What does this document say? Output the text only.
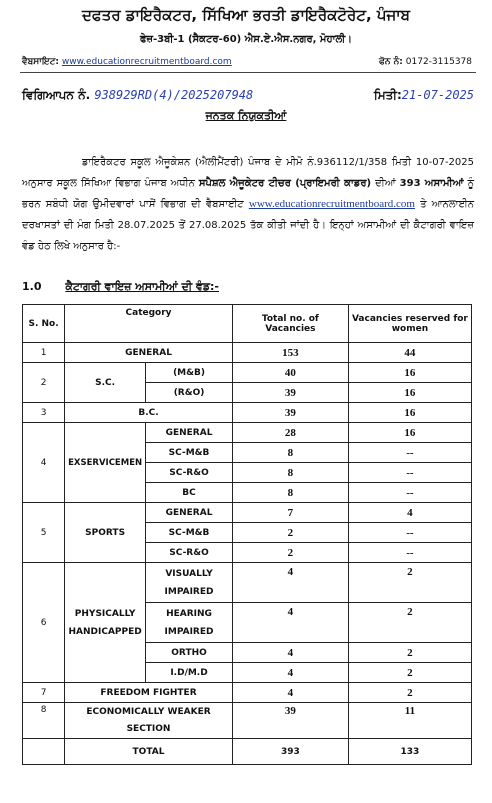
ਦਫਤਰ ਡਾਇਰੈਕਟਰ, ਸਿੱਖਿਆ ਭਰਤੀ ਡਾਇਰੈਕਟੋਰੇਟ, ਪੰਜਾਬ
ਫੇਜ਼-3ਬੀ-1 (ਸੈਕਟਰ-60) ਐਸ.ਏ.ਐਸ.ਨਗਰ, ਮੋਹਾਲੀ।
ਵੈਬਸਾਇਟ: www.educationrecruitmentboard.com	ਫੋਨ ਨੰ: 0172-3115378
ਵਿਗਿਆਪਨ ਨੰ. 938929RD(4)/2025207948	ਮਿਤੀ:21-07-2025
ਜਨਤਕ ਨਿਯੁਕਤੀਆਂ
ਡਾਇਰੈਕਟਰ ਸਕੂਲ ਐਜੂਕੇਸ਼ਨ (ਐਲੀਮੈਂਟਰੀ) ਪੰਜਾਬ ਦੇ ਮੀਮੋ ਨੰ.936112/1/358 ਮਿਤੀ 10-07-2025 ਅਨੁਸਾਰ ਸਕੂਲ ਸਿੱਖਿਆ ਵਿਭਾਗ ਪੰਜਾਬ ਅਧੀਨ ਸਪੈਸ਼ਲ ਐਜੂਕੇਟਰ ਟੀਚਰ (ਪ੍ਰਾਇਮਰੀ ਕਾਡਰ) ਦੀਆਂ 393 ਅਸਾਮੀਆਂ ਨੂੰ ਭਰਨ ਸਬੰਧੀ ਯੋਗ ਉਮੀਦਵਾਰਾਂ ਪਾਸੋਂ ਵਿਭਾਗ ਦੀ ਵੈਬਸਾਈਟ www.educationrecruitmentboard.com ਤੇ ਆਨਲਾਈਨ ਦਰਖਾਸਤਾਂ ਦੀ ਮੰਗ ਮਿਤੀ 28.07.2025 ਤੋਂ 27.08.2025 ਤੱਕ ਕੀਤੀ ਜਾਂਦੀ ਹੈ। ਇਨ੍ਹਾਂ ਅਸਾਮੀਆਂ ਦੀ ਕੈਟਾਗਰੀ ਵਾਇਜ਼ ਵੰਡ ਹੇਠ ਲਿਖੇ ਅਨੁਸਾਰ ਹੈ:-
1.0 ਕੈਟਾਗਰੀ ਵਾਇਜ਼ ਅਸਾਮੀਆਂ ਦੀ ਵੰਡ:-
S. No.	Category		Total no. of Vacancies	Vacancies reserved for women
1	GENERAL		153	44
2	S.C.	(M&B)	40	16
		(R&O)	39	16
3	B.C.		39	16
4	EXSERVICEMEN	GENERAL	28	16
		SC-M&B	8	--
		SC-R&O	8	--
		BC	8	--
5	SPORTS	GENERAL	7	4
		SC-M&B	2	--
		SC-R&O	2	--
6	PHYSICALLY HANDICAPPED	VISUALLY IMPAIRED	4	2
		HEARING IMPAIRED	4	2
		ORTHO	4	2
		I.D/M.D	4	2
7	FREEDOM FIGHTER		4	2
8	ECONOMICALLY WEAKER SECTION		39	11
	TOTAL		393	133
